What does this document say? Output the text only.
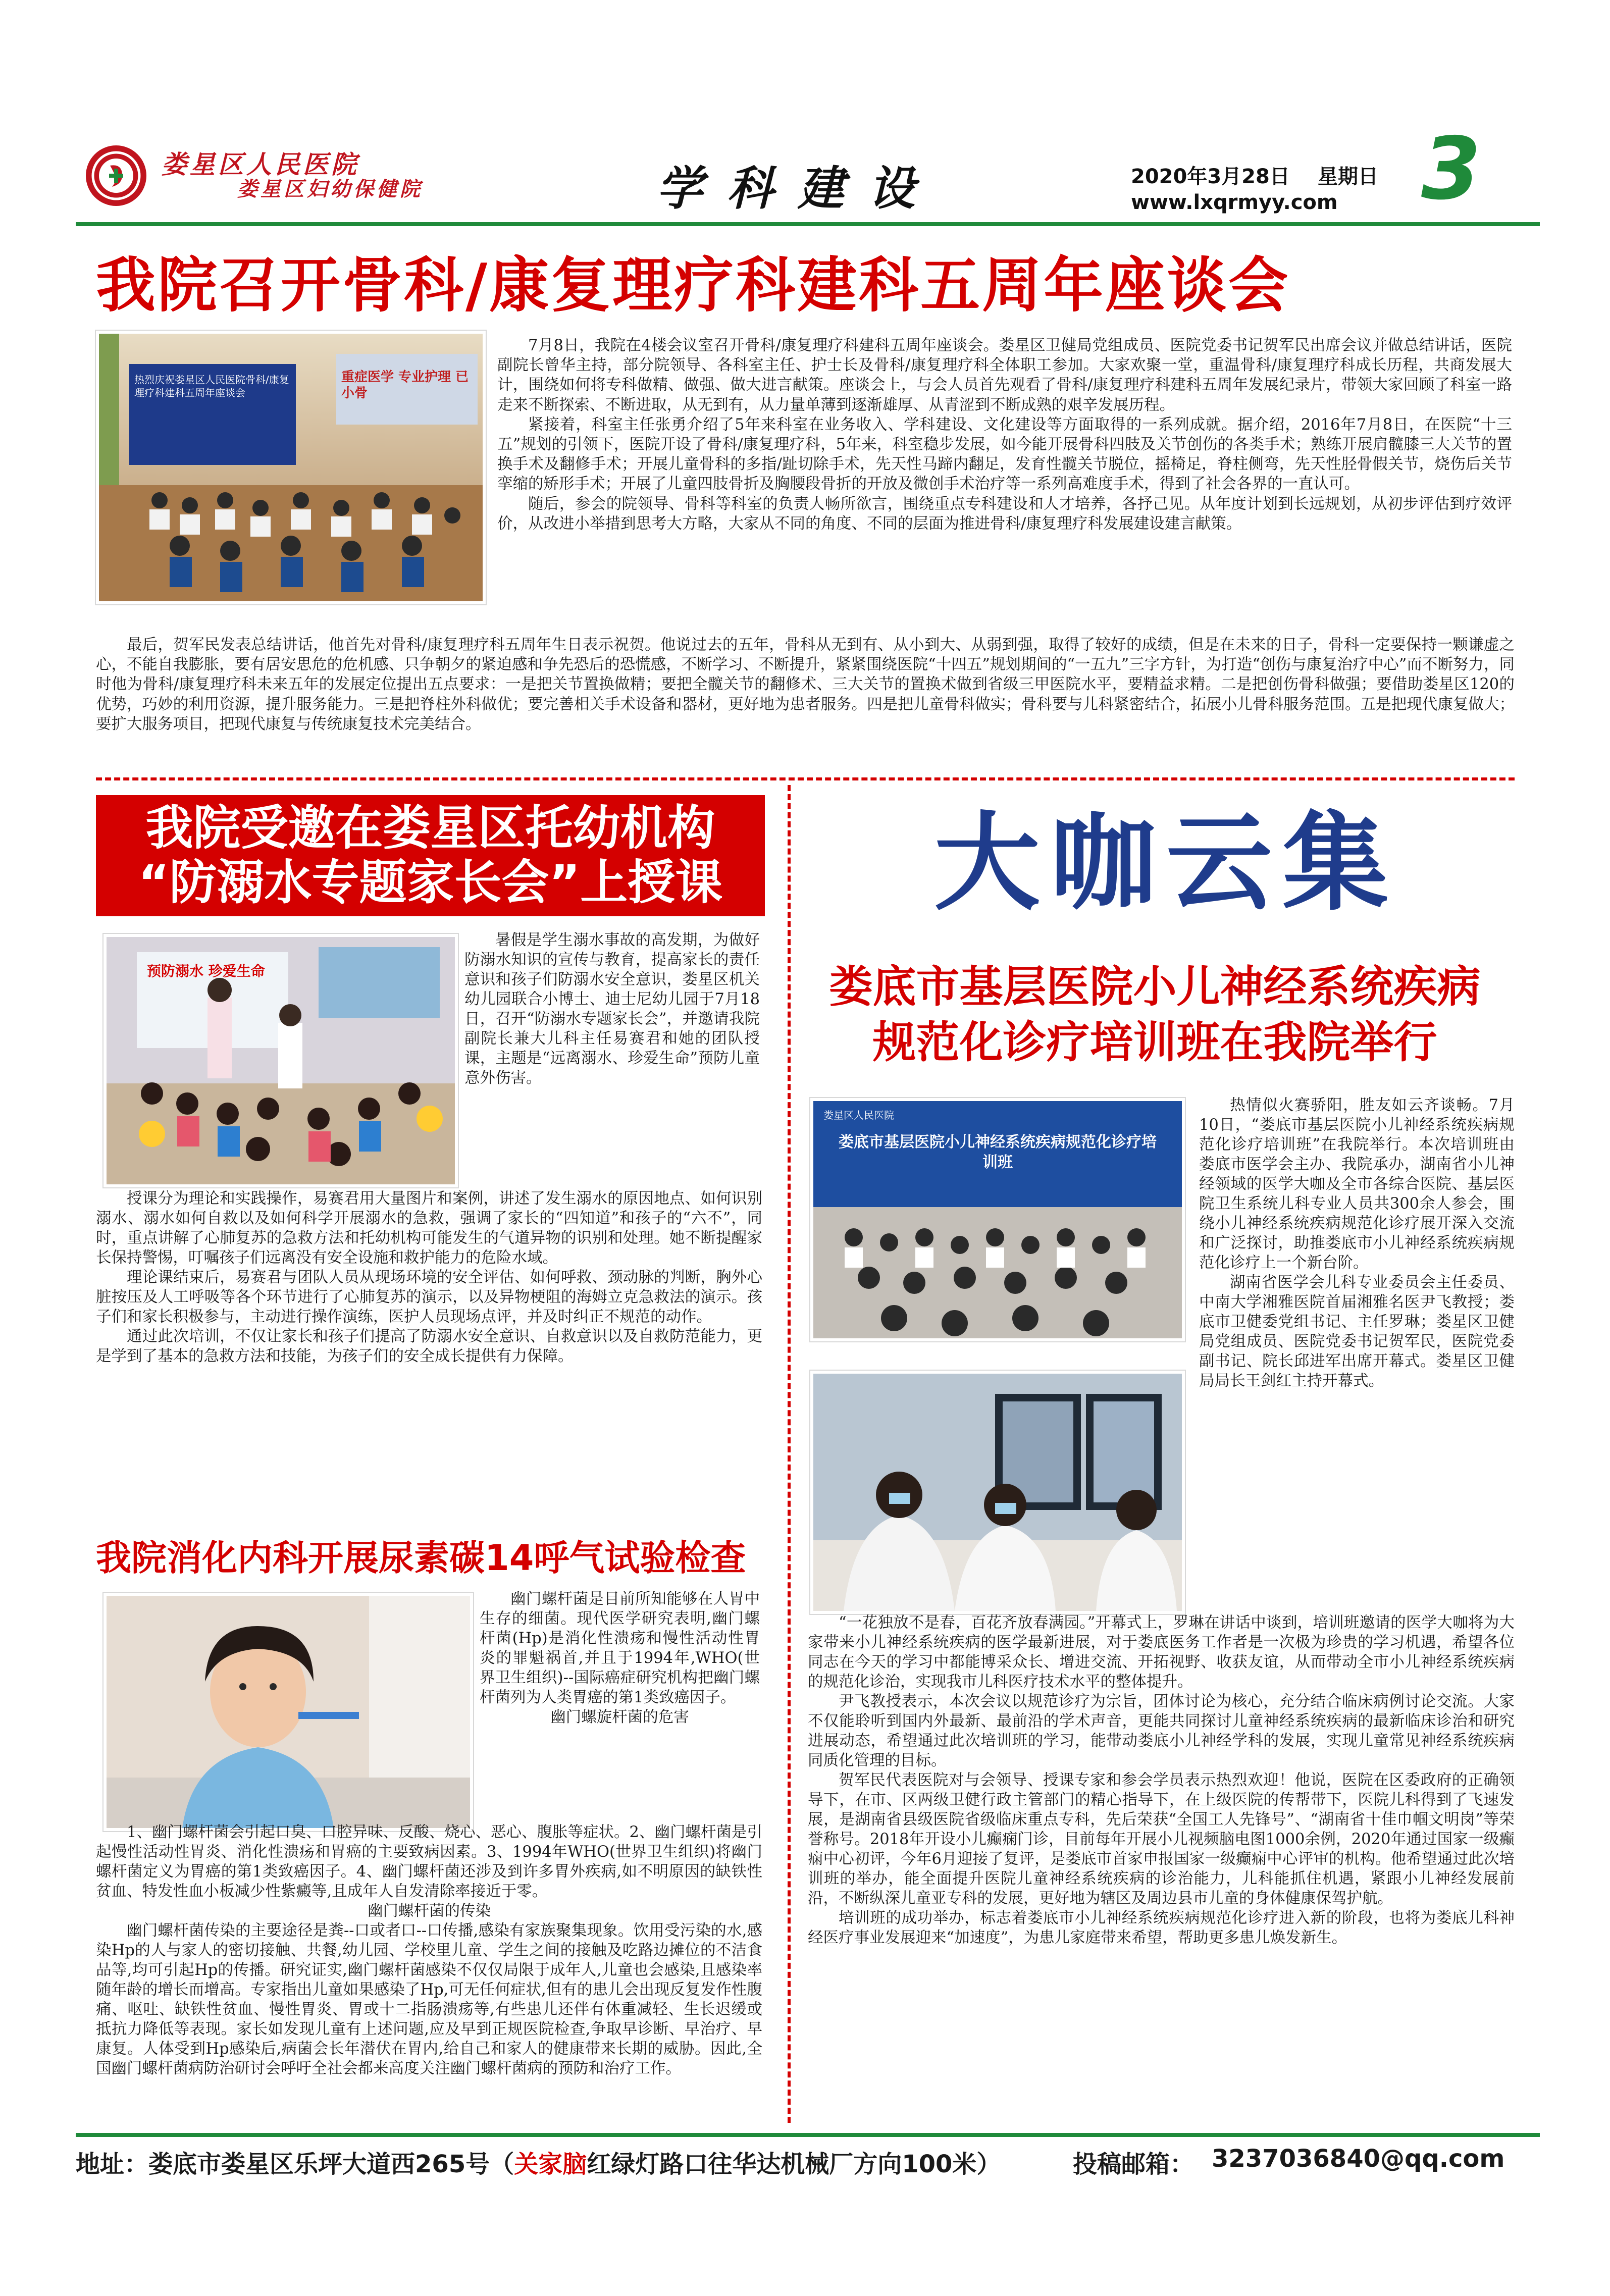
娄星区人民医院
娄星区妇幼保健院	学 科 建 设	2020年3月28日 星期日
www.lxqrmyy.com 3
我院召开骨科/康复理疗科建科五周年座谈会
热烈庆祝娄星区人民医院骨科/康复理疗科建科五周年座谈会
重症医学 专业护理 已小骨

7月8日，我院在4楼会议室召开骨科/康复理疗科建科五周年座谈会。娄星区卫健局党组成员、医院党委书记贺军民出席会议并做总结讲话，医院副院长曾华主持，部分院领导、各科室主任、护士长及骨科/康复理疗科全体职工参加。大家欢聚一堂，重温骨科/康复理疗科成长历程，共商发展大计，围绕如何将专科做精、做强、做大进言献策。座谈会上，与会人员首先观看了骨科/康复理疗科建科五周年发展纪录片，带领大家回顾了科室一路走来不断探索、不断进取，从无到有，从力量单薄到逐渐雄厚、从青涩到不断成熟的艰辛发展历程。

紧接着，科室主任张勇介绍了5年来科室在业务收入、学科建设、文化建设等方面取得的一系列成就。据介绍，2016年7月8日，在医院“十三五”规划的引领下，医院开设了骨科/康复理疗科，5年来，科室稳步发展，如今能开展骨科四肢及关节创伤的各类手术；熟练开展肩髋膝三大关节的置换手术及翻修手术；开展儿童骨科的多指/趾切除手术，先天性马蹄内翻足，发育性髋关节脱位，摇椅足，脊柱侧弯，先天性胫骨假关节，烧伤后关节挛缩的矫形手术；开展了儿童四肢骨折及胸腰段骨折的开放及微创手术治疗等一系列高难度手术，得到了社会各界的一直认可。

随后，参会的院领导、骨科等科室的负责人畅所欲言，围绕重点专科建设和人才培养，各抒己见。从年度计划到长远规划，从初步评估到疗效评价，从改进小举措到思考大方略，大家从不同的角度、不同的层面为推进骨科/康复理疗科发展建设建言献策。

最后，贺军民发表总结讲话，他首先对骨科/康复理疗科五周年生日表示祝贺。他说过去的五年，骨科从无到有、从小到大、从弱到强，取得了较好的成绩，但是在未来的日子，骨科一定要保持一颗谦虚之心，不能自我膨胀，要有居安思危的危机感、只争朝夕的紧迫感和争先恐后的恐慌感，不断学习、不断提升，紧紧围绕医院“十四五”规划期间的“一五九”三字方针，为打造“创伤与康复治疗中心”而不断努力，同时他为骨科/康复理疗科未来五年的发展定位提出五点要求：一是把关节置换做精；要把全髋关节的翻修术、三大关节的置换术做到省级三甲医院水平，要精益求精。二是把创伤骨科做强；要借助娄星区120的优势，巧妙的利用资源，提升服务能力。三是把脊柱外科做优；要完善相关手术设备和器材，更好地为患者服务。四是把儿童骨科做实；骨科要与儿科紧密结合，拓展小儿骨科服务范围。五是把现代康复做大；要扩大服务项目，把现代康复与传统康复技术完美结合。

我院受邀在娄星区托幼机构
“防溺水专题家长会”上授课
预防溺水 珍爱生命

暑假是学生溺水事故的高发期，为做好防溺水知识的宣传与教育，提高家长的责任意识和孩子们防溺水安全意识，娄星区机关幼儿园联合小博士、迪士尼幼儿园于7月18日，召开“防溺水专题家长会”，并邀请我院副院长兼大儿科主任易赛君和她的团队授课，主题是“远离溺水、珍爱生命”预防儿童意外伤害。

授课分为理论和实践操作，易赛君用大量图片和案例，讲述了发生溺水的原因地点、如何识别溺水、溺水如何自救以及如何科学开展溺水的急救，强调了家长的“四知道”和孩子的“六不”，同时，重点讲解了心肺复苏的急救方法和托幼机构可能发生的气道异物的识别和处理。她不断提醒家长保持警惕，叮嘱孩子们远离没有安全设施和救护能力的危险水域。

理论课结束后，易赛君与团队人员从现场环境的安全评估、如何呼救、颈动脉的判断，胸外心脏按压及人工呼吸等各个环节进行了心肺复苏的演示，以及异物梗阻的海姆立克急救法的演示。孩子们和家长积极参与，主动进行操作演练，医护人员现场点评，并及时纠正不规范的动作。

通过此次培训，不仅让家长和孩子们提高了防溺水安全意识、自救意识以及自救防范能力，更是学到了基本的急救方法和技能，为孩子们的安全成长提供有力保障。

我院消化内科开展尿素碳14呼气试验检查

幽门螺杆菌是目前所知能够在人胃中生存的细菌。现代医学研究表明,幽门螺杆菌(Hp)是消化性溃疡和慢性活动性胃炎的罪魁祸首,并且于1994年,WHO(世界卫生组织)--国际癌症研究机构把幽门螺杆菌列为人类胃癌的第1类致癌因子。

幽门螺旋杆菌的危害

1、幽门螺杆菌会引起口臭、口腔异味、反酸、烧心、恶心、腹胀等症状。2、幽门螺杆菌是引起慢性活动性胃炎、消化性溃疡和胃癌的主要致病因素。3、1994年WHO(世界卫生组织)将幽门螺杆菌定义为胃癌的第1类致癌因子。4、幽门螺杆菌还涉及到许多胃外疾病,如不明原因的缺铁性贫血、特发性血小板减少性紫癜等,且成年人自发清除率接近于零。

幽门螺杆菌的传染

幽门螺杆菌传染的主要途径是粪--口或者口--口传播,感染有家族聚集现象。饮用受污染的水,感染Hp的人与家人的密切接触、共餐,幼儿园、学校里儿童、学生之间的接触及吃路边摊位的不洁食品等,均可引起Hp的传播。研究证实,幽门螺杆菌感染不仅仅局限于成年人,儿童也会感染,且感染率随年龄的增长而增高。专家指出儿童如果感染了Hp,可无任何症状,但有的患儿会出现反复发作性腹痛、呕吐、缺铁性贫血、慢性胃炎、胃或十二指肠溃疡等,有些患儿还伴有体重减轻、生长迟缓或抵抗力降低等表现。家长如发现儿童有上述问题,应及早到正规医院检查,争取早诊断、早治疗、早康复。人体受到Hp感染后,病菌会长年潜伏在胃内,给自己和家人的健康带来长期的威胁。因此,全国幽门螺杆菌病防治研讨会呼吁全社会都来高度关注幽门螺杆菌病的预防和治疗工作。

大咖云集
娄底市基层医院小儿神经系统疾病
规范化诊疗培训班在我院举行
娄星区人民医院
娄底市基层医院小儿神经系统疾病规范化诊疗培训班

热情似火赛骄阳，胜友如云齐谈畅。7月10日，“娄底市基层医院小儿神经系统疾病规范化诊疗培训班”在我院举行。本次培训班由娄底市医学会主办、我院承办，湖南省小儿神经领域的医学大咖及全市各综合医院、基层医院卫生系统儿科专业人员共300余人参会，围绕小儿神经系统疾病规范化诊疗展开深入交流和广泛探讨，助推娄底市小儿神经系统疾病规范化诊疗上一个新台阶。

湖南省医学会儿科专业委员会主任委员、中南大学湘雅医院首届湘雅名医尹飞教授；娄底市卫健委党组书记、主任罗琳；娄星区卫健局党组成员、医院党委书记贺军民，医院党委副书记、院长邱进军出席开幕式。娄星区卫健局局长王剑红主持开幕式。

“一花独放不是春，百花齐放春满园。”开幕式上，罗琳在讲话中谈到，培训班邀请的医学大咖将为大家带来小儿神经系统疾病的医学最新进展，对于娄底医务工作者是一次极为珍贵的学习机遇，希望各位同志在今天的学习中都能博采众长、增进交流、开拓视野、收获友谊，从而带动全市小儿神经系统疾病的规范化诊治，实现我市儿科医疗技术水平的整体提升。

尹飞教授表示，本次会议以规范诊疗为宗旨，团体讨论为核心，充分结合临床病例讨论交流。大家不仅能聆听到国内外最新、最前沿的学术声音，更能共同探讨儿童神经系统疾病的最新临床诊治和研究进展动态，希望通过此次培训班的学习，能带动娄底小儿神经学科的发展，实现儿童常见神经系统疾病同质化管理的目标。

贺军民代表医院对与会领导、授课专家和参会学员表示热烈欢迎！他说，医院在区委政府的正确领导下，在市、区两级卫健行政主管部门的精心指导下，在上级医院的传帮带下，医院儿科得到了飞速发展，是湖南省县级医院省级临床重点专科，先后荣获“全国工人先锋号”、“湖南省十佳巾帼文明岗”等荣誉称号。2018年开设小儿癫痫门诊，目前每年开展小儿视频脑电图1000余例，2020年通过国家一级癫痫中心初评，今年6月迎接了复评，是娄底市首家申报国家一级癫痫中心评审的机构。他希望通过此次培训班的举办，能全面提升医院儿童神经系统疾病的诊治能力，儿科能抓住机遇，紧跟小儿神经发展前沿，不断纵深儿童亚专科的发展，更好地为辖区及周边县市儿童的身体健康保驾护航。

培训班的成功举办，标志着娄底市小儿神经系统疾病规范化诊疗进入新的阶段，也将为娄底儿科神经医疗事业发展迎来“加速度”，为患儿家庭带来希望，帮助更多患儿焕发新生。

地址：娄底市娄星区乐坪大道西265号（关家脑红绿灯路口往华达机械厂方向100米）	投稿邮箱： 3237036840@qq.com
